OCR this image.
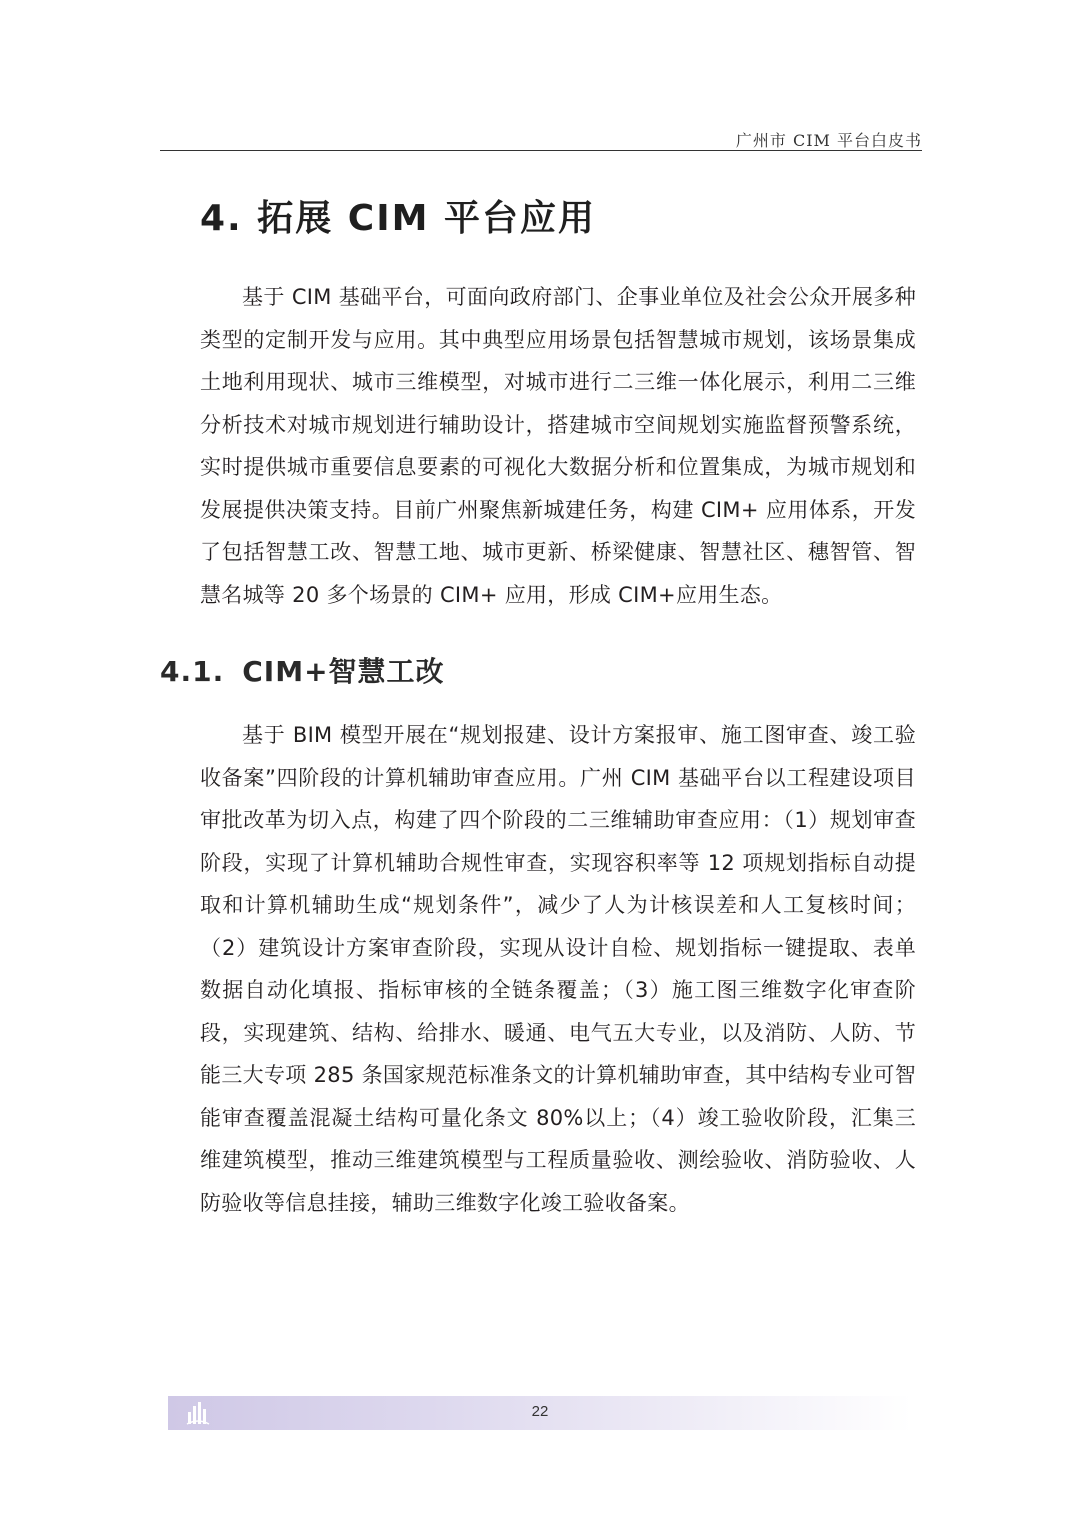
广州市 CIM 平台白皮书
4. 拓展 CIM 平台应用

基于 CIM 基础平台，可面向政府部门、企事业单位及社会公众开展多种类型的定制开发与应用。其中典型应用场景包括智慧城市规划，该场景集成土地利用现状、城市三维模型，对城市进行二三维一体化展示，利用二三维分析技术对城市规划进行辅助设计，搭建城市空间规划实施监督预警系统，实时提供城市重要信息要素的可视化大数据分析和位置集成，为城市规划和发展提供决策支持。目前广州聚焦新城建任务，构建 CIM+ 应用体系，开发了包括智慧工改、智慧工地、城市更新、桥梁健康、智慧社区、穗智管、智慧名城等 20 多个场景的 CIM+ 应用，形成 CIM+应用生态。

4.1. CIM+智慧工改

基于 BIM 模型开展在“规划报建、设计方案报审、施工图审查、竣工验收备案”四阶段的计算机辅助审查应用。广州 CIM 基础平台以工程建设项目审批改革为切入点，构建了四个阶段的二三维辅助审查应用：（1）规划审查阶段，实现了计算机辅助合规性审查，实现容积率等 12 项规划指标自动提取和计算机辅助生成“规划条件”，减少了人为计核误差和人工复核时间；（2）建筑设计方案审查阶段，实现从设计自检、规划指标一键提取、表单数据自动化填报、指标审核的全链条覆盖；（3）施工图三维数字化审查阶段，实现建筑、结构、给排水、暖通、电气五大专业，以及消防、人防、节能三大专项 285 条国家规范标准条文的计算机辅助审查，其中结构专业可智能审查覆盖混凝土结构可量化条文 80%以上；（4）竣工验收阶段，汇集三维建筑模型，推动三维建筑模型与工程质量验收、测绘验收、消防验收、人防验收等信息挂接，辅助三维数字化竣工验收备案。

22
